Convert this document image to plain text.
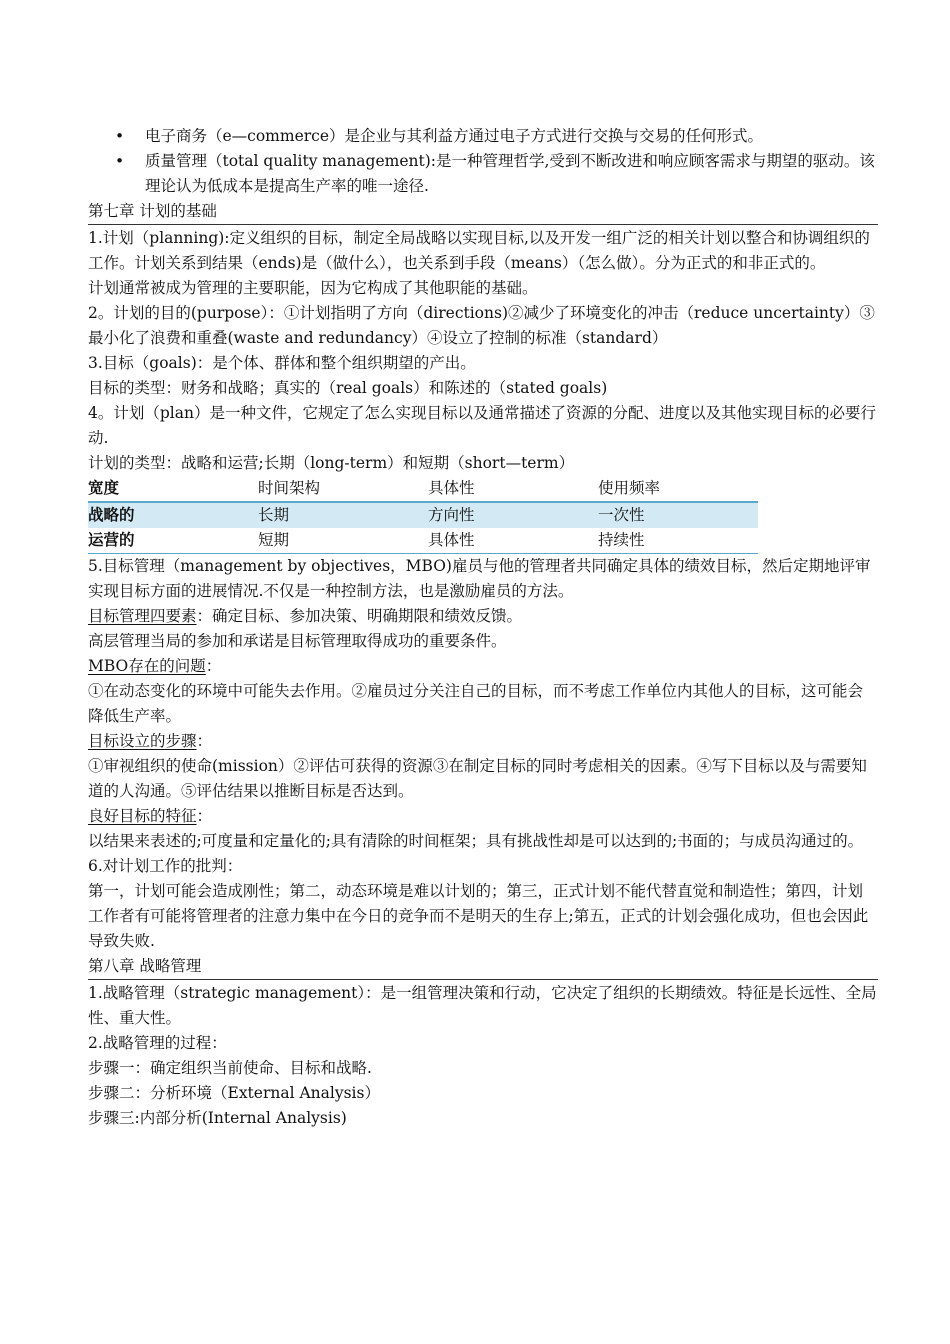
• 电子商务（e—commerce）是企业与其利益方通过电子方式进行交换与交易的任何形式。
• 质量管理（total quality management):是一种管理哲学,受到不断改进和响应顾客需求与期望的驱动。该理论认为低成本是提高生产率的唯一途径.
第七章 计划的基础

1.计划（planning):定义组织的目标，制定全局战略以实现目标,以及开发一组广泛的相关计划以整合和协调组织的工作。计划关系到结果（ends)是（做什么），也关系到手段（means）（怎么做）。分为正式的和非正式的。

计划通常被成为管理的主要职能，因为它构成了其他职能的基础。

2。计划的目的(purpose）：①计划指明了方向（directions)②减少了环境变化的冲击（reduce uncertainty）③最小化了浪费和重叠(waste and redundancy）④设立了控制的标准（standard）

3.目标（goals)：是个体、群体和整个组织期望的产出。

目标的类型：财务和战略；真实的（real goals）和陈述的（stated goals)

4。计划（plan）是一种文件，它规定了怎么实现目标以及通常描述了资源的分配、进度以及其他实现目标的必要行动.

计划的类型：战略和运营;长期（long-term）和短期（short—term）

宽度	时间架构	具体性	使用频率
战略的	长期	方向性	一次性
运营的	短期	具体性	持续性

5.目标管理（management by objectives，MBO)雇员与他的管理者共同确定具体的绩效目标，然后定期地评审实现目标方面的进展情况.不仅是一种控制方法，也是激励雇员的方法。

目标管理四要素：确定目标、参加决策、明确期限和绩效反馈。

高层管理当局的参加和承诺是目标管理取得成功的重要条件。

MBO存在的问题：

①在动态变化的环境中可能失去作用。②雇员过分关注自己的目标，而不考虑工作单位内其他人的目标，这可能会降低生产率。

目标设立的步骤：

①审视组织的使命(mission）②评估可获得的资源③在制定目标的同时考虑相关的因素。④写下目标以及与需要知道的人沟通。⑤评估结果以推断目标是否达到。

良好目标的特征：

以结果来表述的;可度量和定量化的;具有清除的时间框架；具有挑战性却是可以达到的;书面的；与成员沟通过的。

6.对计划工作的批判：

第一，计划可能会造成刚性；第二，动态环境是难以计划的；第三，正式计划不能代替直觉和制造性；第四，计划工作者有可能将管理者的注意力集中在今日的竞争而不是明天的生存上;第五，正式的计划会强化成功，但也会因此导致失败.

第八章 战略管理

1.战略管理（strategic management）：是一组管理决策和行动，它决定了组织的长期绩效。特征是长远性、全局性、重大性。

2.战略管理的过程：

步骤一：确定组织当前使命、目标和战略.

步骤二：分析环境（External Analysis）

步骤三:内部分析(Internal Analysis)
